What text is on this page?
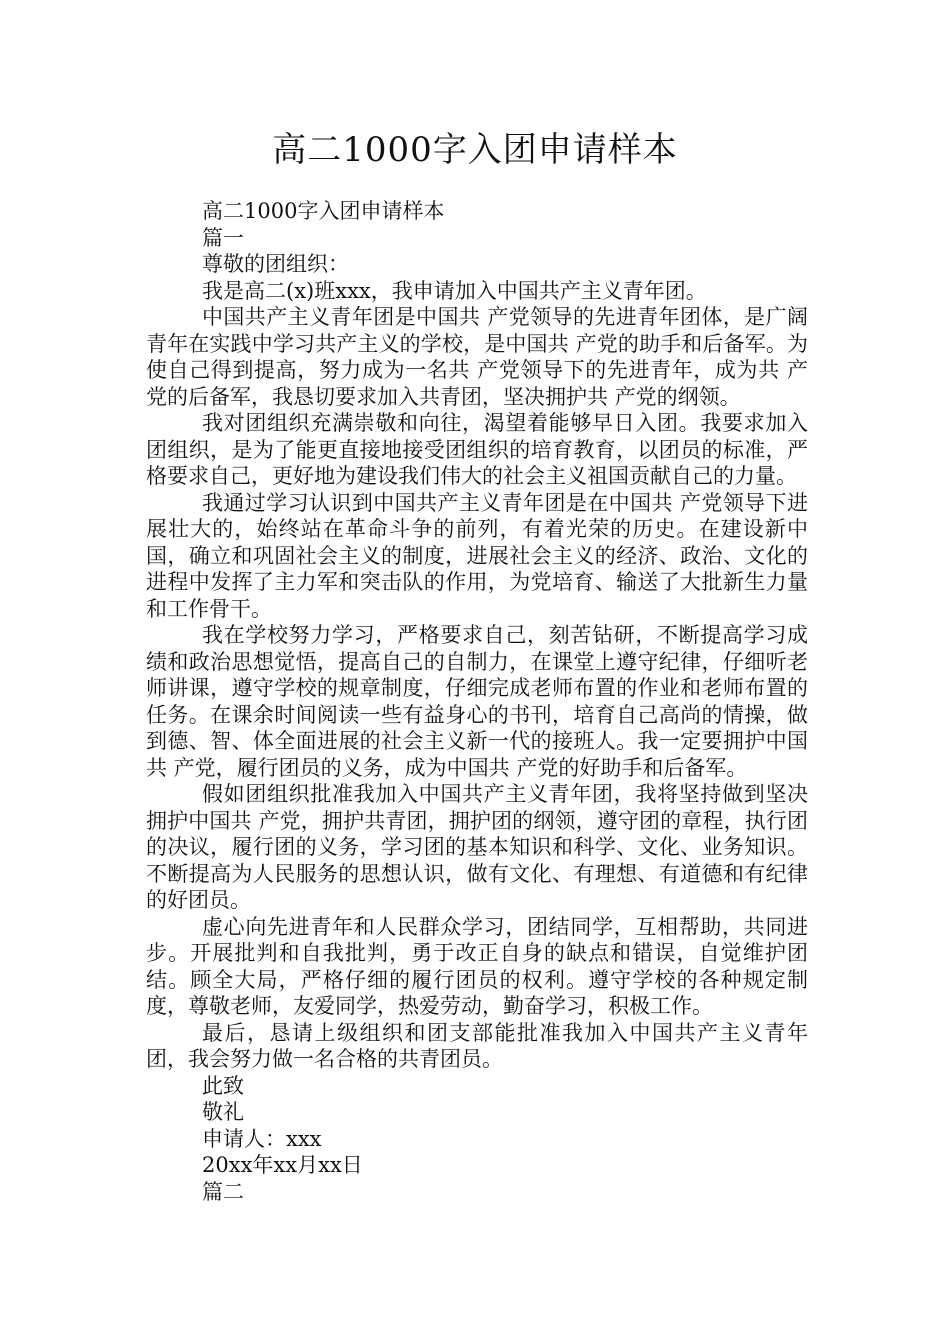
高二1000字入团申请样本

高二1000字入团申请样本

篇一

尊敬的团组织：

我是高二(x)班xxx，我申请加入中国共产主义青年团。

中国共产主义青年团是中国共 产党领导的先进青年团体，是广阔青年在实践中学习共产主义的学校，是中国共 产党的助手和后备军。为使自己得到提高，努力成为一名共 产党领导下的先进青年，成为共 产党的后备军，我恳切要求加入共青团，坚决拥护共 产党的纲领。

我对团组织充满崇敬和向往，渴望着能够早日入团。我要求加入团组织，是为了能更直接地接受团组织的培育教育，以团员的标准，严格要求自己，更好地为建设我们伟大的社会主义祖国贡献自己的力量。

我通过学习认识到中国共产主义青年团是在中国共 产党领导下进展壮大的，始终站在革命斗争的前列，有着光荣的历史。在建设新中国，确立和巩固社会主义的制度，进展社会主义的经济、政治、文化的进程中发挥了主力军和突击队的作用，为党培育、输送了大批新生力量和工作骨干。

我在学校努力学习，严格要求自己，刻苦钻研，不断提高学习成绩和政治思想觉悟，提高自己的自制力，在课堂上遵守纪律，仔细听老师讲课，遵守学校的规章制度，仔细完成老师布置的作业和老师布置的任务。在课余时间阅读一些有益身心的书刊，培育自己高尚的情操，做到德、智、体全面进展的社会主义新一代的接班人。我一定要拥护中国共 产党，履行团员的义务，成为中国共 产党的好助手和后备军。

假如团组织批准我加入中国共产主义青年团，我将坚持做到坚决拥护中国共 产党，拥护共青团，拥护团的纲领，遵守团的章程，执行团的决议，履行团的义务，学习团的基本知识和科学、文化、业务知识。不断提高为人民服务的思想认识，做有文化、有理想、有道德和有纪律的好团员。

虚心向先进青年和人民群众学习，团结同学，互相帮助，共同进步。开展批判和自我批判，勇于改正自身的缺点和错误，自觉维护团结。顾全大局，严格仔细的履行团员的权利。遵守学校的各种规定制度，尊敬老师，友爱同学，热爱劳动，勤奋学习，积极工作。

最后，恳请上级组织和团支部能批准我加入中国共产主义青年团，我会努力做一名合格的共青团员。

此致

敬礼

申请人：xxx

20xx年xx月xx日

篇二
